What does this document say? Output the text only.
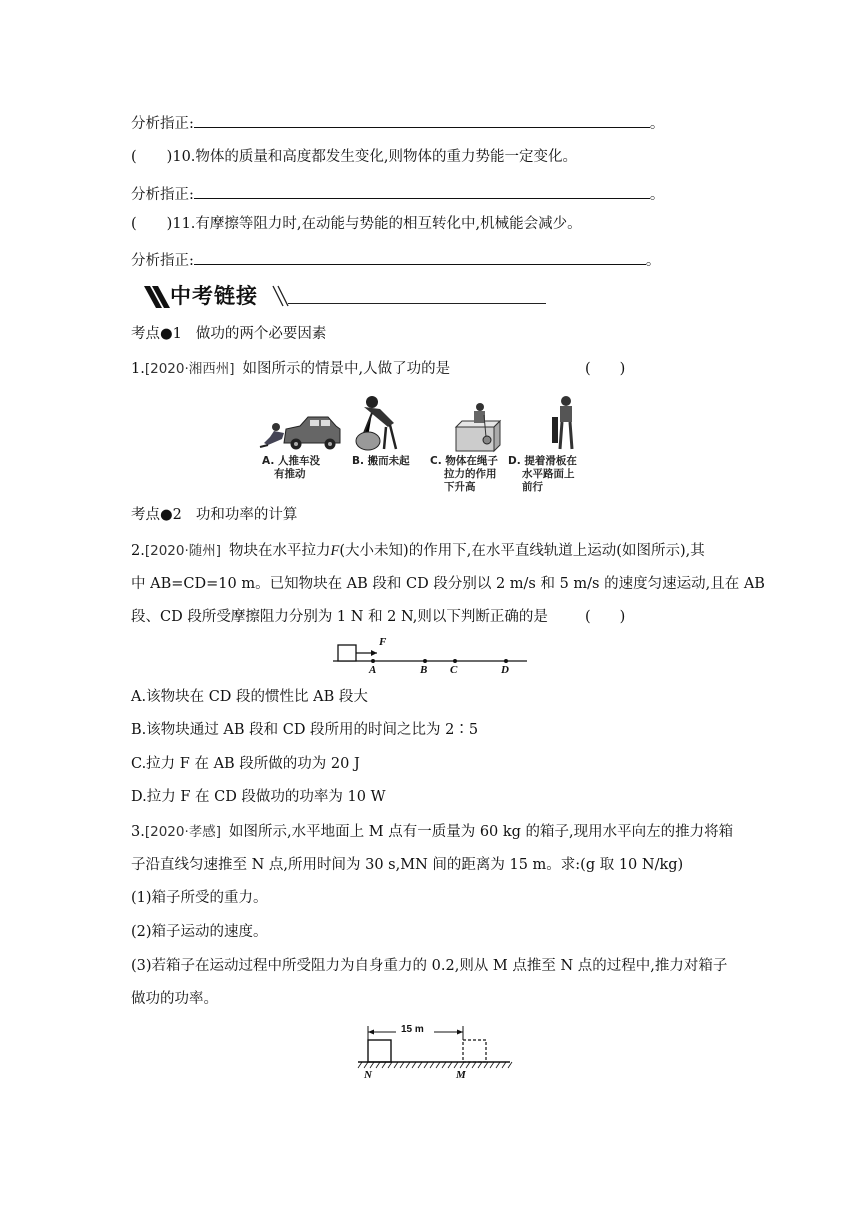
分析指正:	。
( )10.物体的质量和高度都发生变化,则物体的重力势能一定变化。
分析指正:	。
( )11.有摩擦等阻力时,在动能与势能的相互转化中,机械能会减少。
分析指正:	。
中考链接
考点●1 做功的两个必要因素
1.[2020·湘西州] 如图所示的情景中,人做了功的是	(　　)
A. 人推车没
有推动
B. 搬而未起 C. 物体在绳子
拉力的作用
下升高
D. 提着滑板在
水平路面上
前行
考点●2 功和功率的计算
2.[2020·随州] 物块在水平拉力F(大小未知)的作用下,在水平直线轨道上运动(如图所示),其
中 AB=CD=10 m。已知物块在 AB 段和 CD 段分别以 2 m/s 和 5 m/s 的速度匀速运动,且在 AB
段、CD 段所受摩擦阻力分别为 1 N 和 2 N,则以下判断正确的是	(　　)
F
A	B C	D
A.该物块在 CD 段的惯性比 AB 段大
B.该物块通过 AB 段和 CD 段所用的时间之比为 2∶5
C.拉力 F 在 AB 段所做的功为 20 J
D.拉力 F 在 CD 段做功的功率为 10 W
3.[2020·孝感] 如图所示,水平地面上 M 点有一质量为 60 kg 的箱子,现用水平向左的推力将箱
子沿直线匀速推至 N 点,所用时间为 30 s,MN 间的距离为 15 m。求:(g 取 10 N/kg)
(1)箱子所受的重力。
(2)箱子运动的速度。
(3)若箱子在运动过程中所受阻力为自身重力的 0.2,则从 M 点推至 N 点的过程中,推力对箱子
做功的功率。
15 m
N	M
